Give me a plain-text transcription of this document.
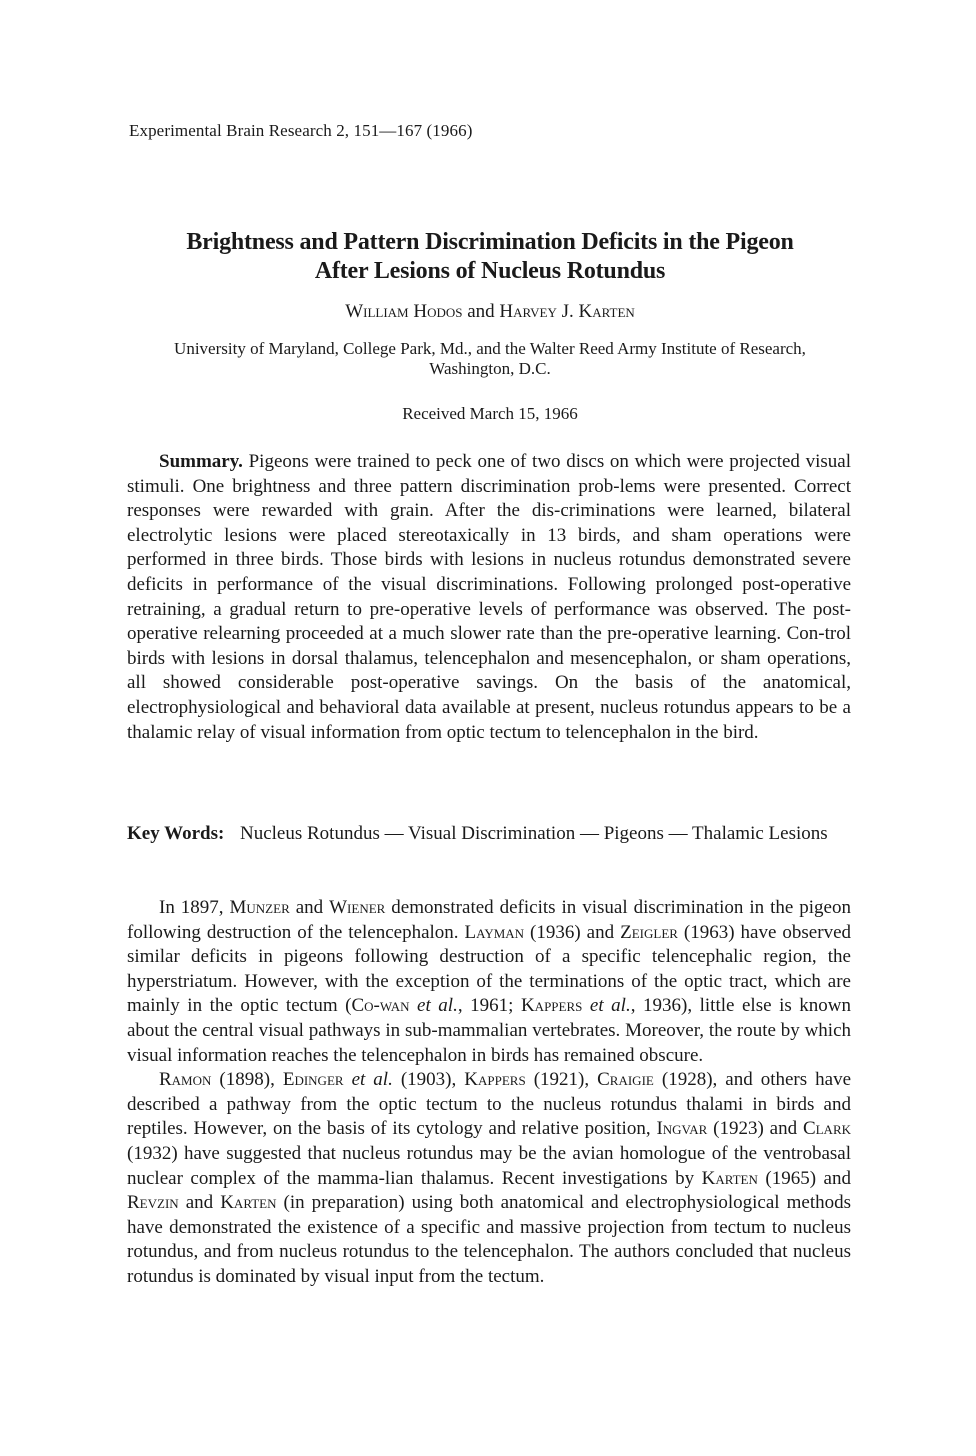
Experimental Brain Research 2, 151—167 (1966)
Brightness and Pattern Discrimination Deficits in the Pigeon
After Lesions of Nucleus Rotundus
William Hodos and Harvey J. Karten
University of Maryland, College Park, Md., and the Walter Reed Army Institute of Research,
Washington, D.C.
Received March 15, 1966

Summary. Pigeons were trained to peck one of two discs on which were projected visual stimuli. One brightness and three pattern discrimination prob-lems were presented. Correct responses were rewarded with grain. After the dis-criminations were learned, bilateral electrolytic lesions were placed stereotaxically in 13 birds, and sham operations were performed in three birds. Those birds with lesions in nucleus rotundus demonstrated severe deficits in performance of the visual discriminations. Following prolonged post-operative retraining, a gradual return to pre-operative levels of performance was observed. The post-operative relearning proceeded at a much slower rate than the pre-operative learning. Con-trol birds with lesions in dorsal thalamus, telencephalon and mesencephalon, or sham operations, all showed considerable post-operative savings. On the basis of the anatomical, electrophysiological and behavioral data available at present, nucleus rotundus appears to be a thalamic relay of visual information from optic tectum to telencephalon in the bird.

Key Words: Nucleus Rotundus — Visual Discrimination — Pigeons — Thalamic Lesions

In 1897, Munzer and Wiener demonstrated deficits in visual discrimination in the pigeon following destruction of the telencephalon. Layman (1936) and Zeigler (1963) have observed similar deficits in pigeons following destruction of a specific telencephalic region, the hyperstriatum. However, with the exception of the terminations of the optic tract, which are mainly in the optic tectum (Co-wan et al., 1961; Kappers et al., 1936), little else is known about the central visual pathways in sub-mammalian vertebrates. Moreover, the route by which visual information reaches the telencephalon in birds has remained obscure.

Ramon (1898), Edinger et al. (1903), Kappers (1921), Craigie (1928), and others have described a pathway from the optic tectum to the nucleus rotundus thalami in birds and reptiles. However, on the basis of its cytology and relative position, Ingvar (1923) and Clark (1932) have suggested that nucleus rotundus may be the avian homologue of the ventrobasal nuclear complex of the mamma-lian thalamus. Recent investigations by Karten (1965) and Revzin and Karten (in preparation) using both anatomical and electrophysiological methods have demonstrated the existence of a specific and massive projection from tectum to nucleus rotundus, and from nucleus rotundus to the telencephalon. The authors concluded that nucleus rotundus is dominated by visual input from the tectum.
